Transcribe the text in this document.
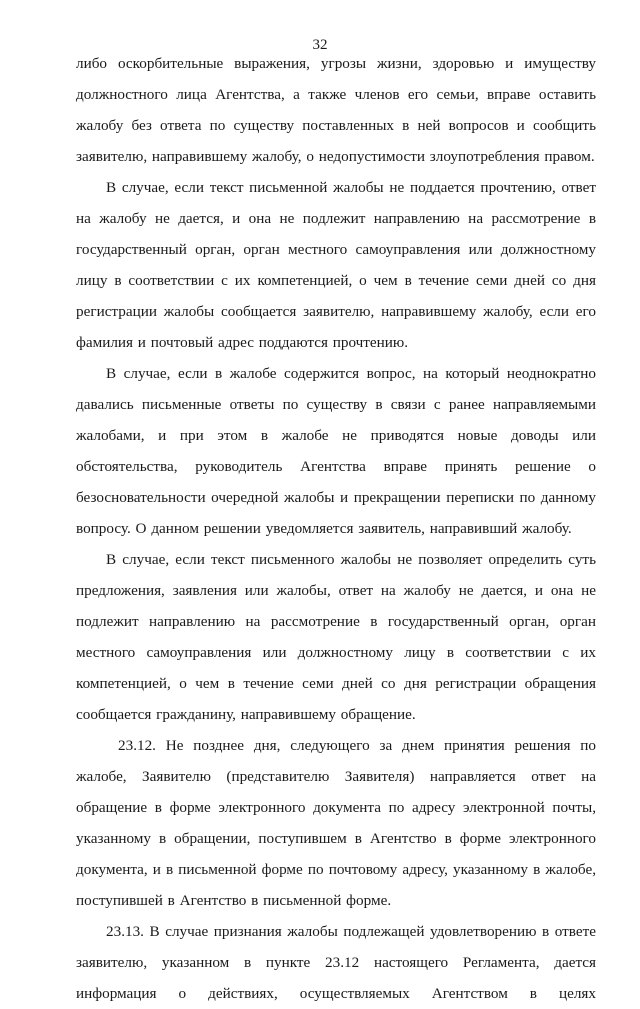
32

либо оскорбительные выражения, угрозы жизни, здоровью и имуществу должностного лица Агентства, а также членов его семьи, вправе оставить жалобу без ответа по существу поставленных в ней вопросов и сообщить заявителю, направившему жалобу, о недопустимости злоупотребления правом.

В случае, если текст письменной жалобы не поддается прочтению, ответ на жалобу не дается, и она не подлежит направлению на рассмотрение в государственный орган, орган местного самоуправления или должностному лицу в соответствии с их компетенцией, о чем в течение семи дней со дня регистрации жалобы сообщается заявителю, направившему жалобу, если его фамилия и почтовый адрес поддаются прочтению.

В случае, если в жалобе содержится вопрос, на который неоднократно давались письменные ответы по существу в связи с ранее направляемыми жалобами, и при этом в жалобе не приводятся новые доводы или обстоятельства, руководитель Агентства вправе принять решение о безосновательности очередной жалобы и прекращении переписки по данному вопросу. О данном решении уведомляется заявитель, направивший жалобу.

В случае, если текст письменного жалобы не позволяет определить суть предложения, заявления или жалобы, ответ на жалобу не дается, и она не подлежит направлению на рассмотрение в государственный орган, орган местного самоуправления или должностному лицу в соответствии с их компетенцией, о чем в течение семи дней со дня регистрации обращения сообщается гражданину, направившему обращение.

23.12. Не позднее дня, следующего за днем принятия решения по жалобе, Заявителю (представителю Заявителя) направляется ответ на обращение в форме электронного документа по адресу электронной почты, указанному в обращении, поступившем в Агентство в форме электронного документа, и в письменной форме по почтовому адресу, указанному в жалобе, поступившей в Агентство в письменной форме.

23.13. В случае признания жалобы подлежащей удовлетворению в ответе заявителю, указанном в пункте 23.12 настоящего Регламента, дается информация о действиях, осуществляемых Агентством в целях
